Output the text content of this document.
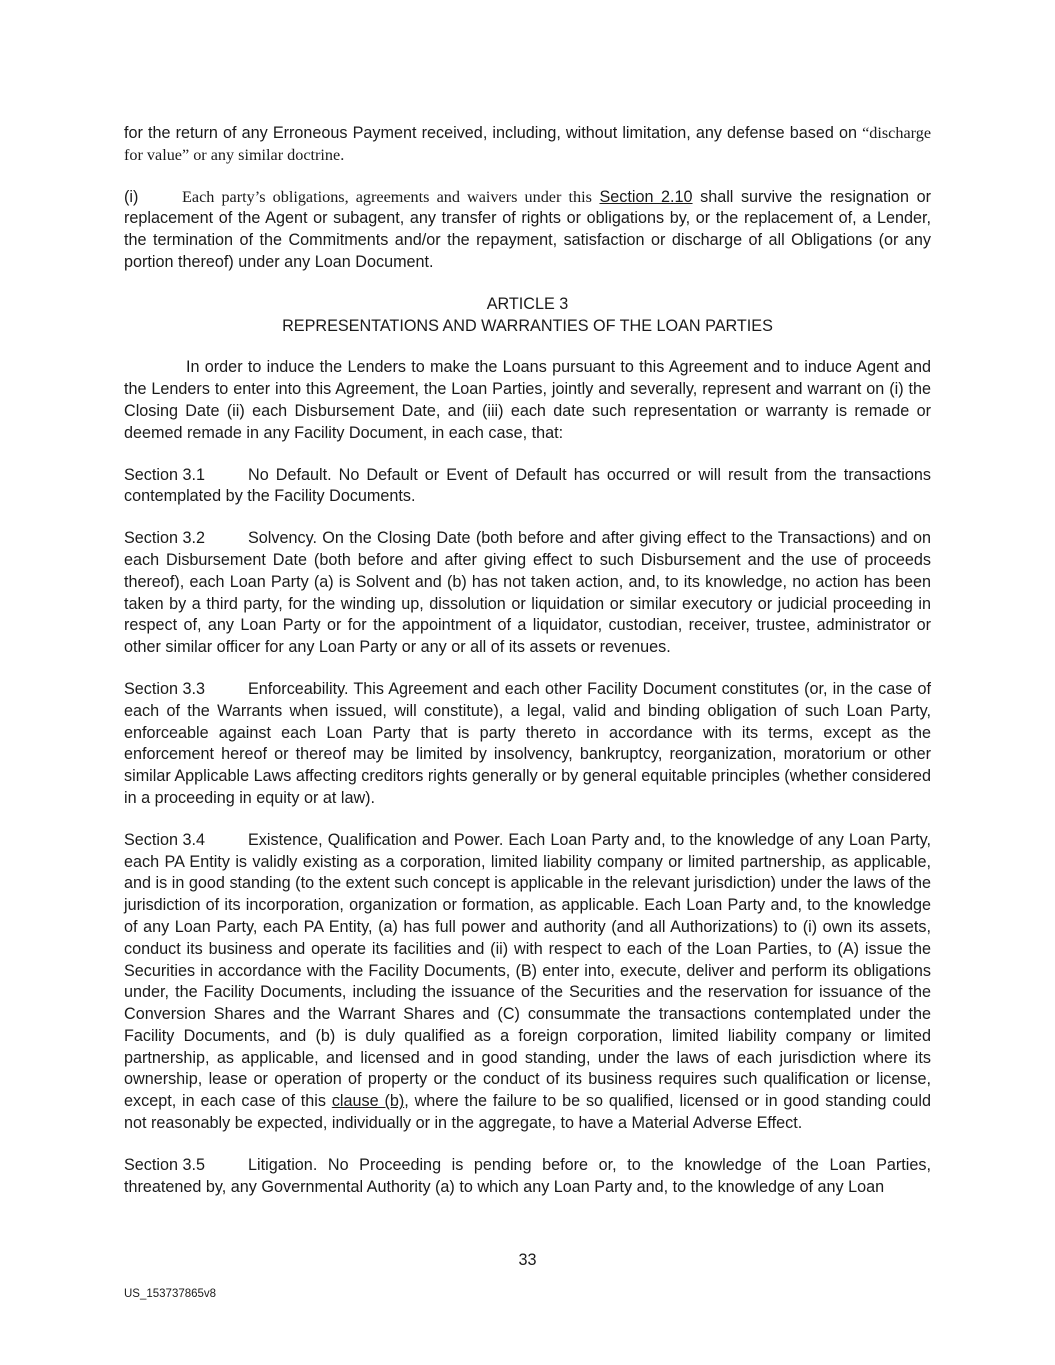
for the return of any Erroneous Payment received, including, without limitation, any defense based on “discharge for value” or any similar doctrine.

(i)	Each party’s obligations, agreements and waivers under this Section 2.10 shall survive the resignation or replacement of the Agent or subagent, any transfer of rights or obligations by, or the replacement of, a Lender, the termination of the Commitments and/or the repayment, satisfaction or discharge of all Obligations (or any portion thereof) under any Loan Document.

ARTICLE 3
REPRESENTATIONS AND WARRANTIES OF THE LOAN PARTIES

In order to induce the Lenders to make the Loans pursuant to this Agreement and to induce Agent and the Lenders to enter into this Agreement, the Loan Parties, jointly and severally, represent and warrant on (i) the Closing Date (ii) each Disbursement Date, and (iii) each date such representation or warranty is remade or deemed remade in any Facility Document, in each case, that:

Section 3.1	No Default. No Default or Event of Default has occurred or will result from the transactions contemplated by the Facility Documents.

Section 3.2	Solvency. On the Closing Date (both before and after giving effect to the Transactions) and on each Disbursement Date (both before and after giving effect to such Disbursement and the use of proceeds thereof), each Loan Party (a) is Solvent and (b) has not taken action, and, to its knowledge, no action has been taken by a third party, for the winding up, dissolution or liquidation or similar executory or judicial proceeding in respect of, any Loan Party or for the appointment of a liquidator, custodian, receiver, trustee, administrator or other similar officer for any Loan Party or any or all of its assets or revenues.

Section 3.3	Enforceability. This Agreement and each other Facility Document constitutes (or, in the case of each of the Warrants when issued, will constitute), a legal, valid and binding obligation of such Loan Party, enforceable against each Loan Party that is party thereto in accordance with its terms, except as the enforcement hereof or thereof may be limited by insolvency, bankruptcy, reorganization, moratorium or other similar Applicable Laws affecting creditors rights generally or by general equitable principles (whether considered in a proceeding in equity or at law).

Section 3.4	Existence, Qualification and Power. Each Loan Party and, to the knowledge of any Loan Party, each PA Entity is validly existing as a corporation, limited liability company or limited partnership, as applicable, and is in good standing (to the extent such concept is applicable in the relevant jurisdiction) under the laws of the jurisdiction of its incorporation, organization or formation, as applicable. Each Loan Party and, to the knowledge of any Loan Party, each PA Entity, (a) has full power and authority (and all Authorizations) to (i) own its assets, conduct its business and operate its facilities and (ii) with respect to each of the Loan Parties, to (A) issue the Securities in accordance with the Facility Documents, (B) enter into, execute, deliver and perform its obligations under, the Facility Documents, including the issuance of the Securities and the reservation for issuance of the Conversion Shares and the Warrant Shares and (C) consummate the transactions contemplated under the Facility Documents, and (b) is duly qualified as a foreign corporation, limited liability company or limited partnership, as applicable, and licensed and in good standing, under the laws of each jurisdiction where its ownership, lease or operation of property or the conduct of its business requires such qualification or license, except, in each case of this clause (b), where the failure to be so qualified, licensed or in good standing could not reasonably be expected, individually or in the aggregate, to have a Material Adverse Effect.

Section 3.5	Litigation. No Proceeding is pending before or, to the knowledge of the Loan Parties, threatened by, any Governmental Authority (a) to which any Loan Party and, to the knowledge of any Loan

33
US_153737865v8
